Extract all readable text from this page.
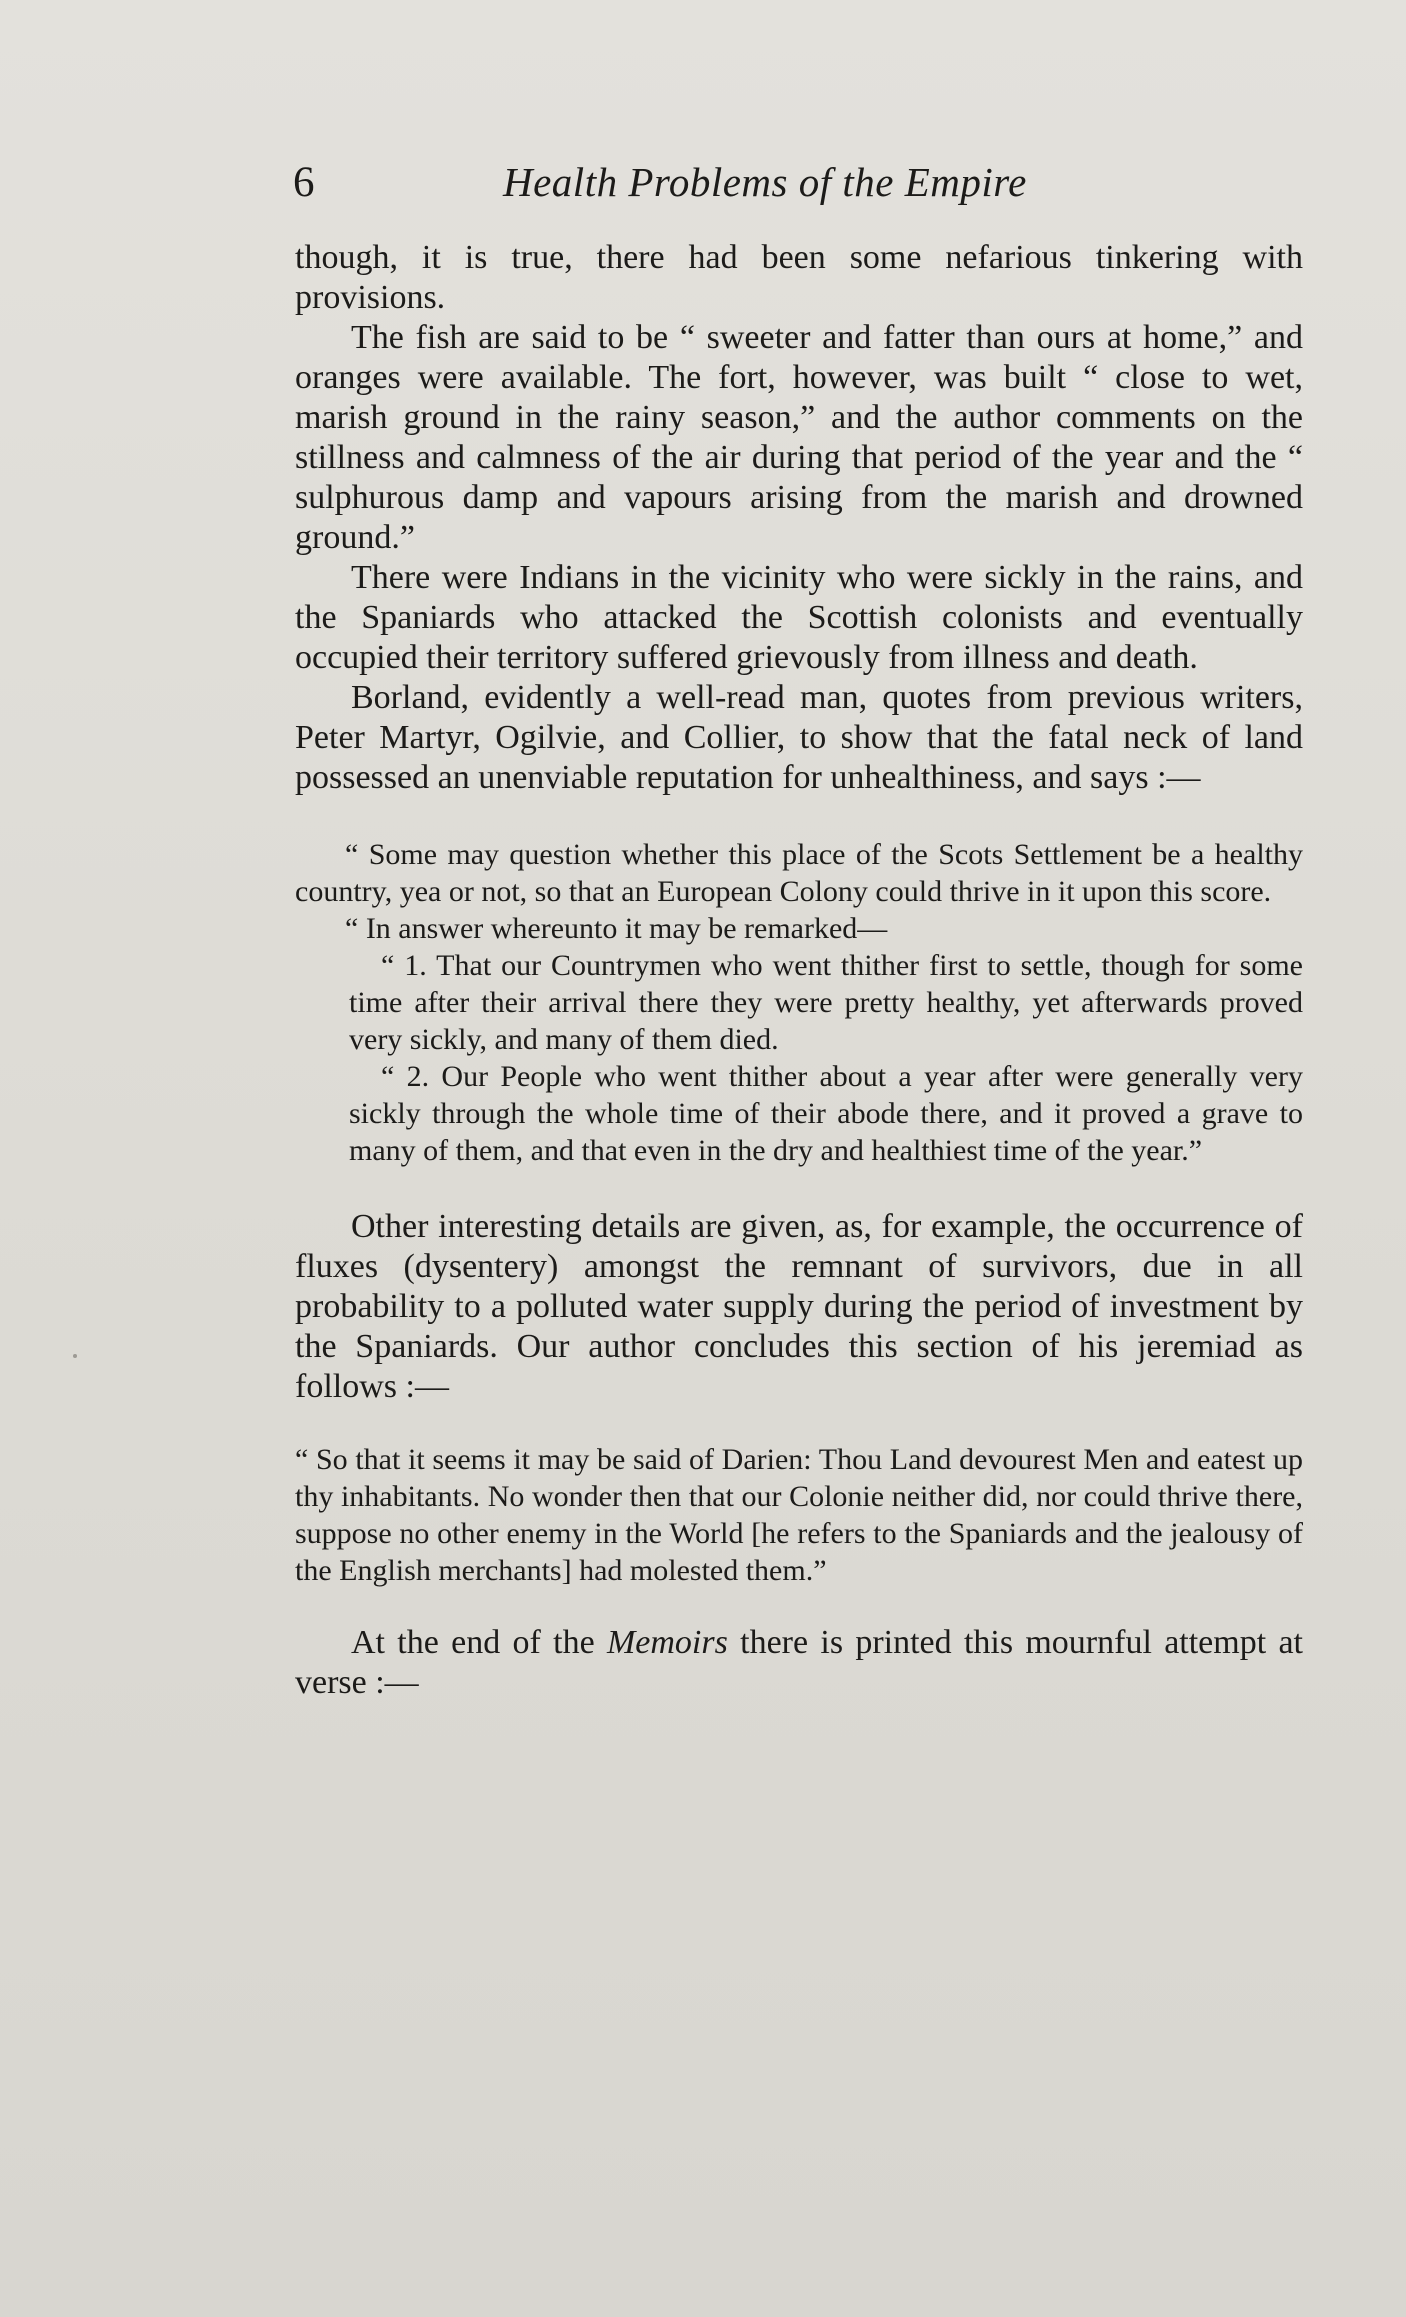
6	Health Problems of the Empire

though, it is true, there had been some nefarious tinkering with provisions.

The fish are said to be “ sweeter and fatter than ours at home,” and oranges were available. The fort, however, was built “ close to wet, marish ground in the rainy season,” and the author comments on the stillness and calmness of the air during that period of the year and the “ sulphurous damp and vapours arising from the marish and drowned ground.”

There were Indians in the vicinity who were sickly in the rains, and the Spaniards who attacked the Scottish colonists and eventually occupied their territory suffered grievously from illness and death.

Borland, evidently a well-read man, quotes from previous writers, Peter Martyr, Ogilvie, and Collier, to show that the fatal neck of land possessed an unenviable reputation for unhealthiness, and says :—

“ Some may question whether this place of the Scots Settlement be a healthy country, yea or not, so that an European Colony could thrive in it upon this score.

“ In answer whereunto it may be remarked—

“ 1. That our Countrymen who went thither first to settle, though for some time after their arrival there they were pretty healthy, yet afterwards proved very sickly, and many of them died.

“ 2. Our People who went thither about a year after were generally very sickly through the whole time of their abode there, and it proved a grave to many of them, and that even in the dry and healthiest time of the year.”

Other interesting details are given, as, for example, the occurrence of fluxes (dysentery) amongst the remnant of survivors, due in all probability to a polluted water supply during the period of investment by the Spaniards. Our author concludes this section of his jeremiad as follows :—

“ So that it seems it may be said of Darien: Thou Land devourest Men and eatest up thy inhabitants. No wonder then that our Colonie neither did, nor could thrive there, suppose no other enemy in the World [he refers to the Spaniards and the jealousy of the English merchants] had molested them.”

At the end of the Memoirs there is printed this mournful attempt at verse :—
